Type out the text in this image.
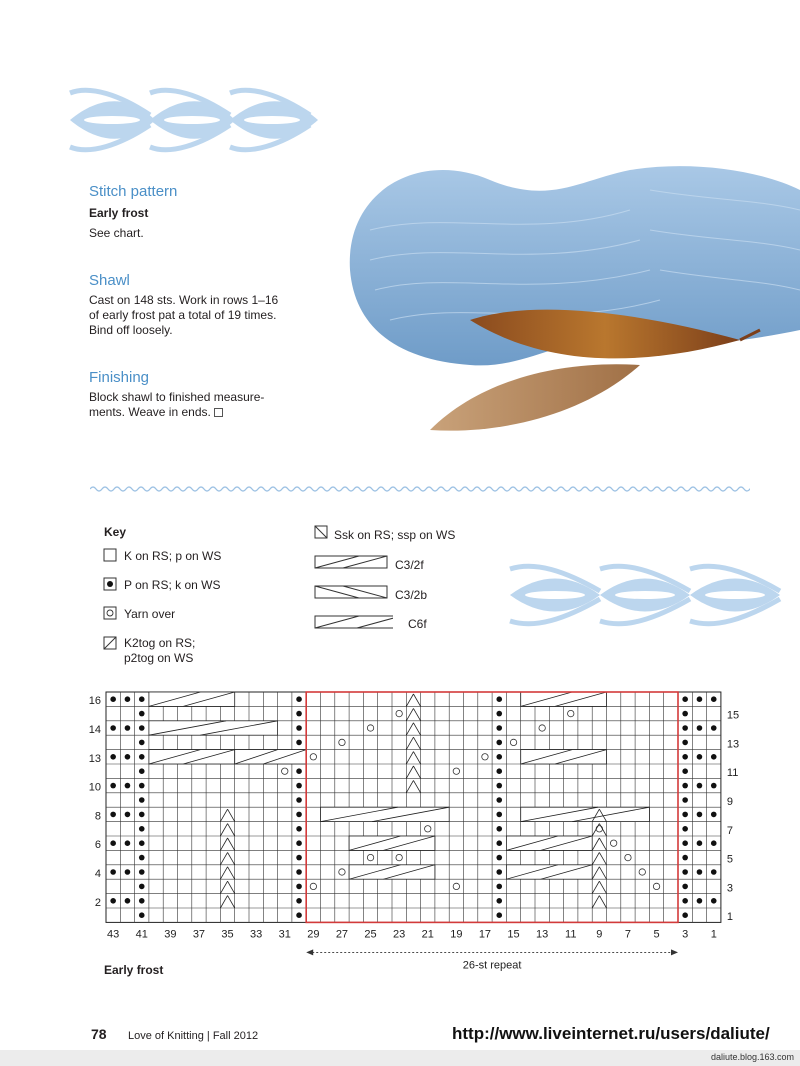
Stitch pattern
Early frost
See chart.
Shawl
Cast on 148 sts. Work in rows 1–16
of early frost pat a total of 19 times.
Bind off loosely.
Finishing
Block shawl to finished measure-
ments. Weave in ends.
Key
K on RS; p on WS
P on RS; k on WS
Yarn over
K2tog on RS;
p2tog on WS
Ssk on RS; ssp on WS
C3/2f
C3/2b
C6f
16
14
13
10
8
6
4
2
15
13
11
9
7
5
3
1
43 41 39 37 35 33 31 29 27 25 23 21 19 17 15 13 11 9 7 5 3 1
26-st repeat
Early frost
78 Love of Knitting | Fall 2012	http://www.liveinternet.ru/users/daliute/
daliute.blog.163.com
